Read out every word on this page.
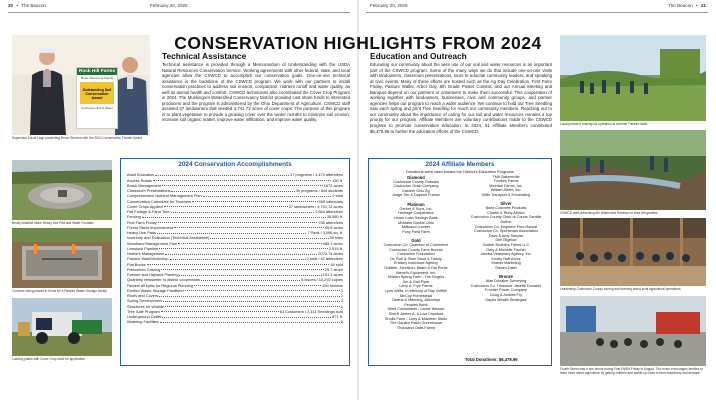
20 • The Beacon	February 20, 2025	February 20, 2025	The Beacon • 21
CONSERVATION HIGHLIGHTS FROM 2024
Rock Hill Farms
Bruce Stevens & Family
Outstanding Soil
Conservation Award
Coshocton Soil & Water
Supervisor David Lapp presenting Bruce Stevens with the 2024 Conservation Farmer Award
Technical Assistance
Technical assistance is provided through a Memorandum of Understanding with the USDA Natural Resources Conservation Service. Working agreements with other federal, state, and local agencies allow the CSWCD to accomplish our conservation goals. One-on-one technical assistance is the backbone of the CSWCD program. We work with our partners to install conservation practices to address soil erosion, compaction, nutrient runoff and water quality, as well as animal health and comfort. CSWCD technicians also coordinated the Cover Crop Program in 2024. The Muskingum Watershed Conservancy District provided cost share funds to interested producers and the program is administered by the Ohio Department of Agriculture. CSWCD staff assisted 37 landowners that seeded 4,741.72 acres of cover crops. The purpose of this program is to plant vegetation to provide a growing cover over the winter months to minimize soil erosion, increase soil organic matter, improve water infiltration, and improve water quality.
Newly installed stone Heavy Use Pad and Water Fountain
Concrete being placed in forms for a Pasture Waste Storage facility
Loading plants with Cover Crop seed for application
2024 Conservation Accomplishments
Adult Education	17 programs / 1,473 attendees
Access Roads	150 ft.
Brush Management	1672 acres
Classroom Presentations	39 programs / 644 students
Comprehensive Nutrient Management Plan	2 total
Conservation Calendars for Teachers	550 calendars
Cover Crops Applied	37 landowners / 4,741.72 acres
Fall Foliage & Farm Tour	1,564 attendees
Fencing	35,580 ft.
First Farm Friday	756 attendees
Forest Stand Improvement	45.8 acres
Heavy Use Pads	7 Pads / 3,066 sq. ft.
Inventory and Evaluation (Technical Assistance)	39 sites
Woodland Management Plan	485.1 acres
Livestock Pipeline	2,515 ft.
Nutrient Management	2075.74 acres
Pasture Walk/Workshop	2 total / 42 attendees
Plat Books	45 sold
Prescribed Grazing	25.7 acres
Pasture and Hayland Planting	151.3 acres
Quarterly newsletter to district cooperators	5 issues / 10,292 copies
Review all splits for Regional Planning	159 reviews
Roofed Waste Storage Facilities	1
Roofs and Covers	1
Spring Development	3
Structures for Wildlife	1
Tree Sale Program	63 Customers / 2,411 Seedlings sold
Underground Outlet	871 ft.
Watering Facilities	6
Education and Outreach
Educating our community about the wise use of our soil and water resources is an important part of the CSWCD program. Some of the many ways we do that include one-on-one visits with landowners, classroom presentations, tours to educate community leaders, and speaking at civic events. Many of these efforts are hosted such as the Ag Day Celebration, First Farm Friday, Pasture Walks, Arbor Day, 6th Grade Poster Contest, and our Annual Meeting and Banquet depend on our partners or volunteers to make them successful. This cooperation of working together with landowners, businesses, civic and community groups, and partner agencies helps our program to reach a wider audience. We continue to hold our Tree Seedling sale each spring and print Tree Seedling for reach our community members. Reaching out to our community about the importance of caring for our soil and water resources remains a top priority for our program. Affiliate Members are voluntary contributions made to the CSWCD program to promote conservation education. In 2024, 51 Affiliate Members contributed $6,478.99 to further the education efforts of the CSWCD.
Local producer sharing his operation at summer Pasture Walk
CSWCD staff presenting 6th Watershed Rainbow to area 6th graders.
Leadership Coshocton County touring and learning about local agricultural operations.
Fourth Street was a bus above during First FARM Friday in August. This event encourages families to learn more about agriculture by getting children and adults up close to farm machinery and animals.
2024 Affiliate Members
Donations were used toward the District's Education Programs
Diamond
Coshocton County Grasses
Coshocton Grain Company
Eastern Ohio Ag
Judge Tim & Daphne France
Platinum
Gerber & Sons, Inc.
Heritage Cooperative
Home Loan Savings Bank
McMane Duckie-Ohio
Millwood Lumber
Pony Field Farm
Gold
Coshocton Co. Chamber of Commerce
Coshocton County Farm Bureau
Coshocton Foundation
Dr. Rob & Sheri Stout & Family
Erickley Insurance Agency
Gottlieb, Johnston, Beam & Dal Ponte
Hamel's Equipment, Inc.
Hidden Spring Farm - The Rogers
Jim & Gail Piper
Larry A. Frye Farms
Lynn Wells, In Memory of Ray Griffith
McCoy Homestead
Owens & Manning, Attorneys
Peoples Bank
Seed Consultants - Lance Weaver
Sherill James A. & Lisa Crawford
Shultz Farm - Larry & Maureen Stultz
The Garden Patch Greenhouse
Thousand Oaks Farms
TMK Bakersville
Turnkey Farms
Weinfair Farms, Inc.
William Albert, Inc.
Wills Transport & Excavating
Silver
Baird Concrete Products
Charlie & Ruby Aldrich
Coshocton County Clerk of Courts Camille
Dutton
Coshocton Co. Engineer Fred Rachal
Coshocton Co. Sportsman Association
Dave & Amy Sheyne
Deb Bigelow
Garber Brothers Farms LLC
Gary & Michelle Fischer
Jacobs Veterinary Agency, Inc.
Knotty Naff Acres
Shaver Marketing
Steven Daler
Bronze
Alan Donaker Surveying
Coshocton Co. Treasurer Janette Donaker
Frontier Power Company
Doug & Andrea Fry
Saylor Wealth Strategies
Total Donations: $6,478.99
